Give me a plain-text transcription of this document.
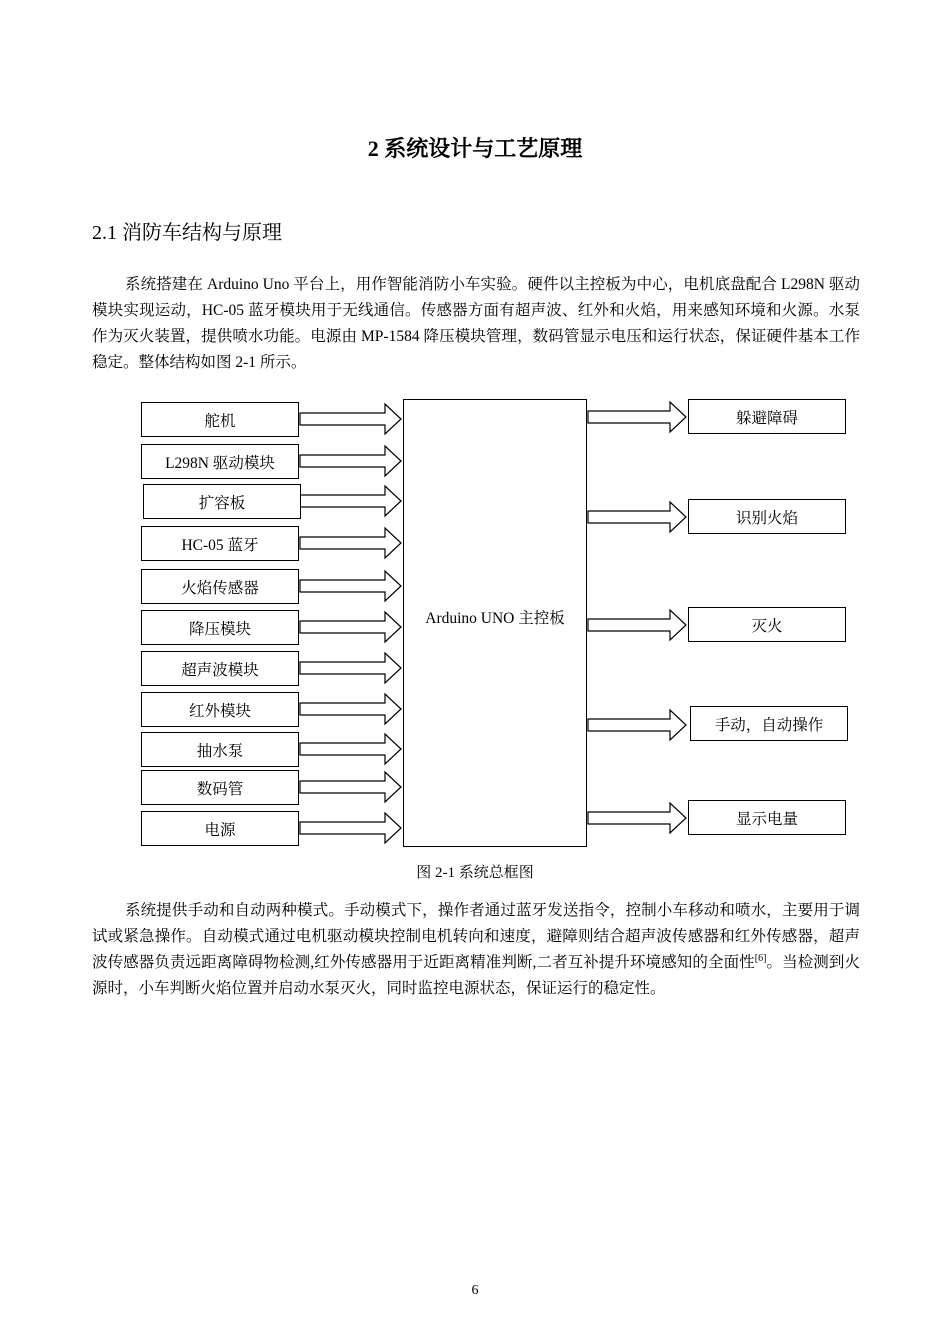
2 系统设计与工艺原理
2.1 消防车结构与原理

系统搭建在 Arduino Uno 平台上，用作智能消防小车实验。硬件以主控板为中心，电机底盘配合 L298N 驱动模块实现运动，HC-05 蓝牙模块用于无线通信。传感器方面有超声波、红外和火焰，用来感知环境和火源。水泵作为灭火装置，提供喷水功能。电源由 MP-1584 降压模块管理，数码管显示电压和运行状态，保证硬件基本工作稳定。整体结构如图 2-1 所示。

舵机
L298N 驱动模块
扩容板
HC-05 蓝牙
火焰传感器
降压模块
超声波模块
红外模块
抽水泵
数码管
电源
Arduino UNO 主控板
躲避障碍
识别火焰
灭火
手动，自动操作
显示电量

图 2-1 系统总框图

系统提供手动和自动两种模式。手动模式下，操作者通过蓝牙发送指令，控制小车移动和喷水，主要用于调试或紧急操作。自动模式通过电机驱动模块控制电机转向和速度，避障则结合超声波传感器和红外传感器，超声波传感器负责远距离障碍物检测,红外传感器用于近距离精准判断,二者互补提升环境感知的全面性[6]。当检测到火源时，小车判断火焰位置并启动水泵灭火，同时监控电源状态，保证运行的稳定性。

6
